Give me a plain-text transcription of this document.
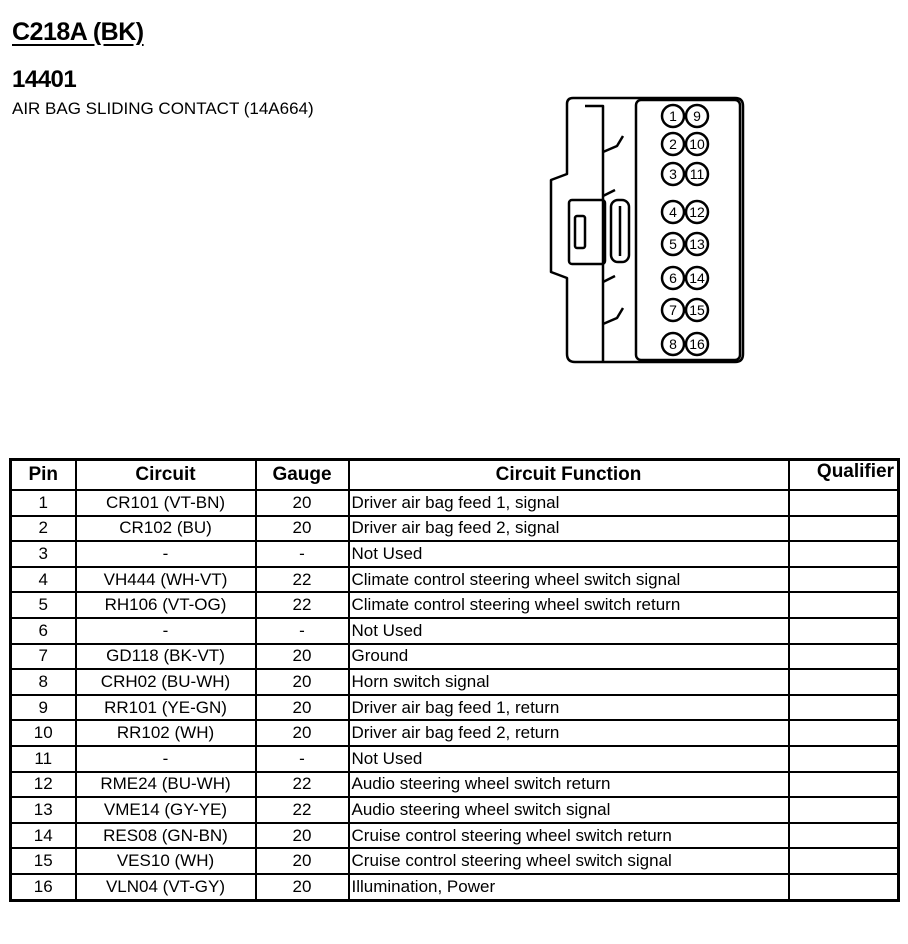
C218A (BK)
14401
AIR BAG SLIDING CONTACT (14A664)	1 9
2 10
3 11
4 12
5 13
6 14
7 15
8 16
Pin	Circuit	Gauge	Circuit Function	Qualifier
1	CR101 (VT-BN)	20	Driver air bag feed 1, signal	
2	CR102 (BU)	20	Driver air bag feed 2, signal	
3	-	-	Not Used	
4	VH444 (WH-VT)	22	Climate control steering wheel switch signal	
5	RH106 (VT-OG)	22	Climate control steering wheel switch return	
6	-	-	Not Used	
7	GD118 (BK-VT)	20	Ground	
8	CRH02 (BU-WH)	20	Horn switch signal	
9	RR101 (YE-GN)	20	Driver air bag feed 1, return	
10	RR102 (WH)	20	Driver air bag feed 2, return	
11	-	-	Not Used	
12	RME24 (BU-WH)	22	Audio steering wheel switch return	
13	VME14 (GY-YE)	22	Audio steering wheel switch signal	
14	RES08 (GN-BN)	20	Cruise control steering wheel switch return	
15	VES10 (WH)	20	Cruise control steering wheel switch signal	
16	VLN04 (VT-GY)	20	Illumination, Power	
